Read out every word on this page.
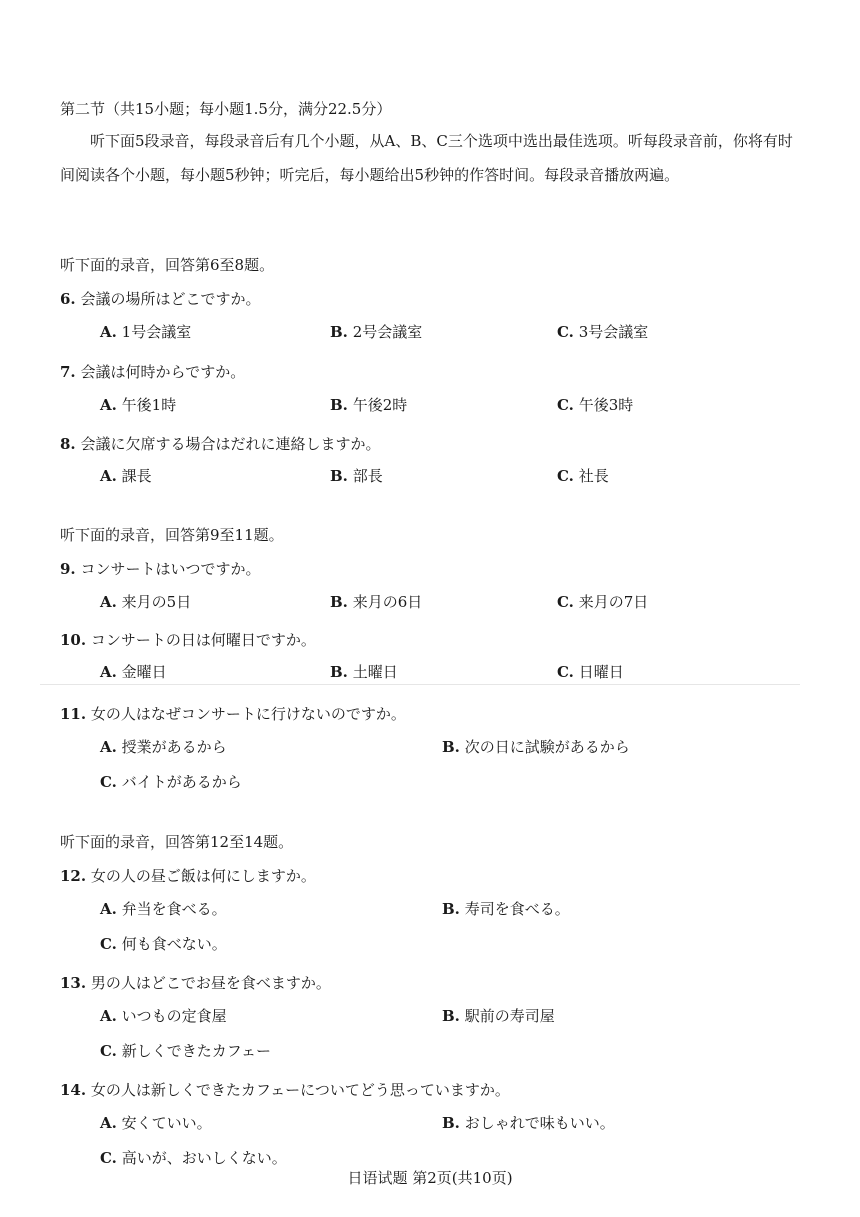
第二节（共15小题；每小题1.5分，满分22.5分）
听下面5段录音，每段录音后有几个小题，从A、B、C三个选项中选出最佳选项。听每段录音前，你将有时间阅读各个小题，每小题5秒钟；听完后，每小题给出5秒钟的作答时间。每段录音播放两遍。
听下面的录音，回答第6至8题。
6. 会議の場所はどこですか。
A. 1号会議室	B. 2号会議室	C. 3号会議室
7. 会議は何時からですか。
A. 午後1時	B. 午後2時	C. 午後3時
8. 会議に欠席する場合はだれに連絡しますか。
A. 課長	B. 部長	C. 社長
听下面的录音，回答第9至11题。
9. コンサートはいつですか。
A. 来月の5日	B. 来月の6日	C. 来月の7日
10. コンサートの日は何曜日ですか。
A. 金曜日	B. 土曜日	C. 日曜日
11. 女の人はなぜコンサートに行けないのですか。
A. 授業があるから	B. 次の日に試験があるから
C. バイトがあるから
听下面的录音，回答第12至14题。
12. 女の人の昼ご飯は何にしますか。
A. 弁当を食べる。	B. 寿司を食べる。
C. 何も食べない。
13. 男の人はどこでお昼を食べますか。
A. いつもの定食屋	B. 駅前の寿司屋
C. 新しくできたカフェー
14. 女の人は新しくできたカフェーについてどう思っていますか。
A. 安くていい。	B. おしゃれで味もいい。
C. 高いが、おいしくない。
日语试题 第2页(共10页)
